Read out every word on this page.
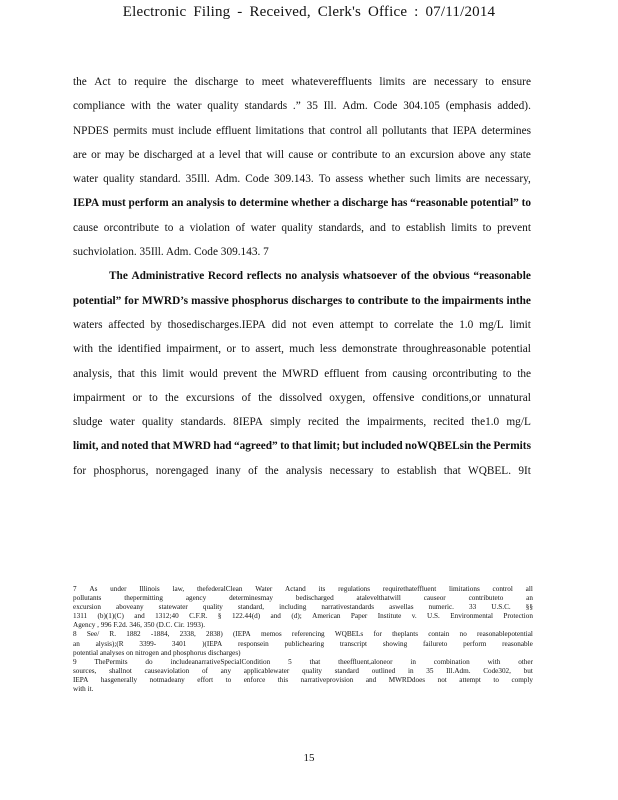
Electronic Filing - Received, Clerk's Office : 07/11/2014
the Act to require the discharge to meet whatevereffluents limits are necessary to ensure
compliance with the water quality standards .” 35 Ill. Adm. Code 304.105 (emphasis added).
NPDES permits must include effluent limitations that control all pollutants that IEPA determines
are or may be discharged at a level that will cause or contribute to an excursion above any state
water quality standard. 35Ill. Adm. Code 309.143. To assess whether such limits are necessary,
IEPA must perform an analysis to determine whether a discharge has “reasonable potential” to
cause orcontribute to a violation of water quality standards, and to establish limits to prevent
suchviolation. 35Ill. Adm. Code 309.143. 7
The Administrative Record reflects no analysis whatsoever of the obvious “reasonable
potential” for MWRD’s massive phosphorus discharges to contribute to the impairments inthe
waters affected by thosedischarges.IEPA did not even attempt to correlate the 1.0 mg/L limit
with the identified impairment, or to assert, much less demonstrate throughreasonable potential
analysis, that this limit would prevent the MWRD effluent from causing orcontributing to the
impairment or to the excursions of the dissolved oxygen, offensive conditions,or unnatural
sludge water quality standards. 8IEPA simply recited the impairments, recited the1.0 mg/L
limit, and noted that MWRD had “agreed” to that limit; but included noWQBELsin the Permits
for phosphorus, norengaged inany of the analysis necessary to establish that WQBEL. 9It
7 As under Illinois law, thefederalClean Water Actand its regulations requirethateffluent limitations control all
pollutants	thepermitting	agency	determinesmay	bedischarged	atalevelthatwill	causeor	contributeto	an
excursion aboveany statewater quality standard, including narrativestandards aswellas numeric. 33 U.S.C. §§
1311 (b)(1)(C) and 1312;40 C.F.R. § 122.44(d) and (d); American Paper Institute v. U.S. Environmental Protection
Agency , 996 F.2d. 346, 350 (D.C. Cir. 1993).
8 See/ R. 1882 -1884, 2338, 2838) (IEPA memos referencing WQBELs for theplants contain no reasonablepotential
an alysis);(R 3399- 3401 )(IEPA responsein publichearing transcript showing failureto perform reasonable
potential analyses on nitrogen and phosphorus discharges)
9 ThePermits do includeanarrativeSpecialCondition 5 that theeffluent,aloneor in combination with other
sources, shallnot causeaviolation of any applicablewater quality standard outlined in 35 Ill.Adm. Code302, but
IEPA hasgenerally notmadeany effort to enforce this narrativeprovision and MWRDdoes not attempt to comply
with it.
15
